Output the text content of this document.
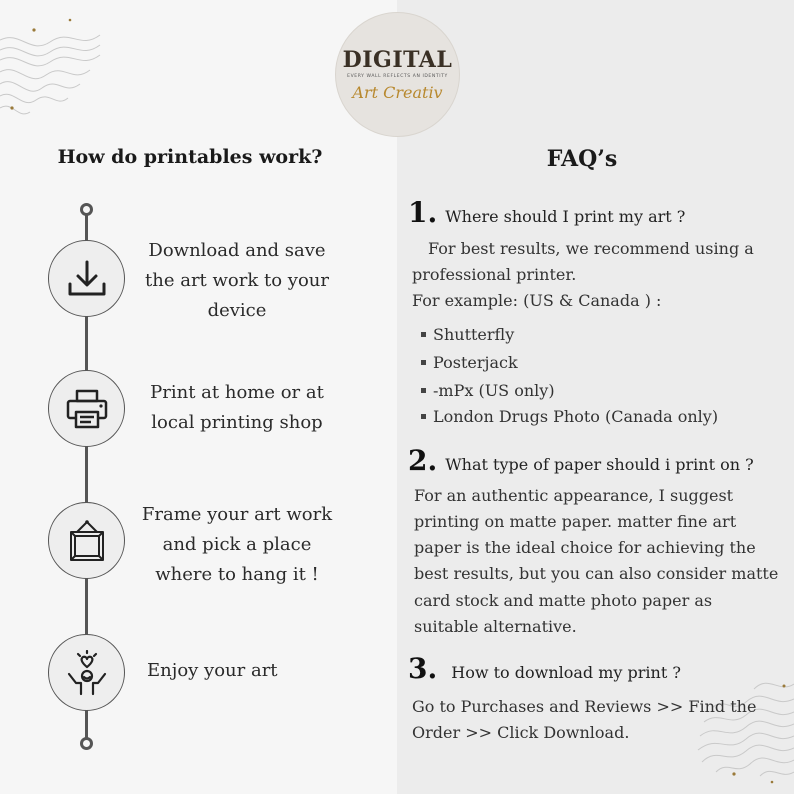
DIGITAL
EVERY WALL REFLECTS AN IDENTITY
Art Creativ
How do printables work?	FAQ’s
Download and save
the art work to your
device
Print at home or at
local printing shop
Frame your art work
and pick a place
where to hang it !
Enjoy your art
1. Where should I print my art ?
For best results, we recommend using a
professional printer.
For example: (US & Canada ) :
Shutterfly
Posterjack
-mPx (US only)
London Drugs Photo (Canada only)
2. What type of paper should i print on ?
For an authentic appearance, I suggest
printing on matte paper. matter fine art
paper is the ideal choice for achieving the
best results, but you can also consider matte
card stock and matte photo paper as
suitable alternative.
3. How to download my print ?
Go to Purchases and Reviews >> Find the
Order >> Click Download.
